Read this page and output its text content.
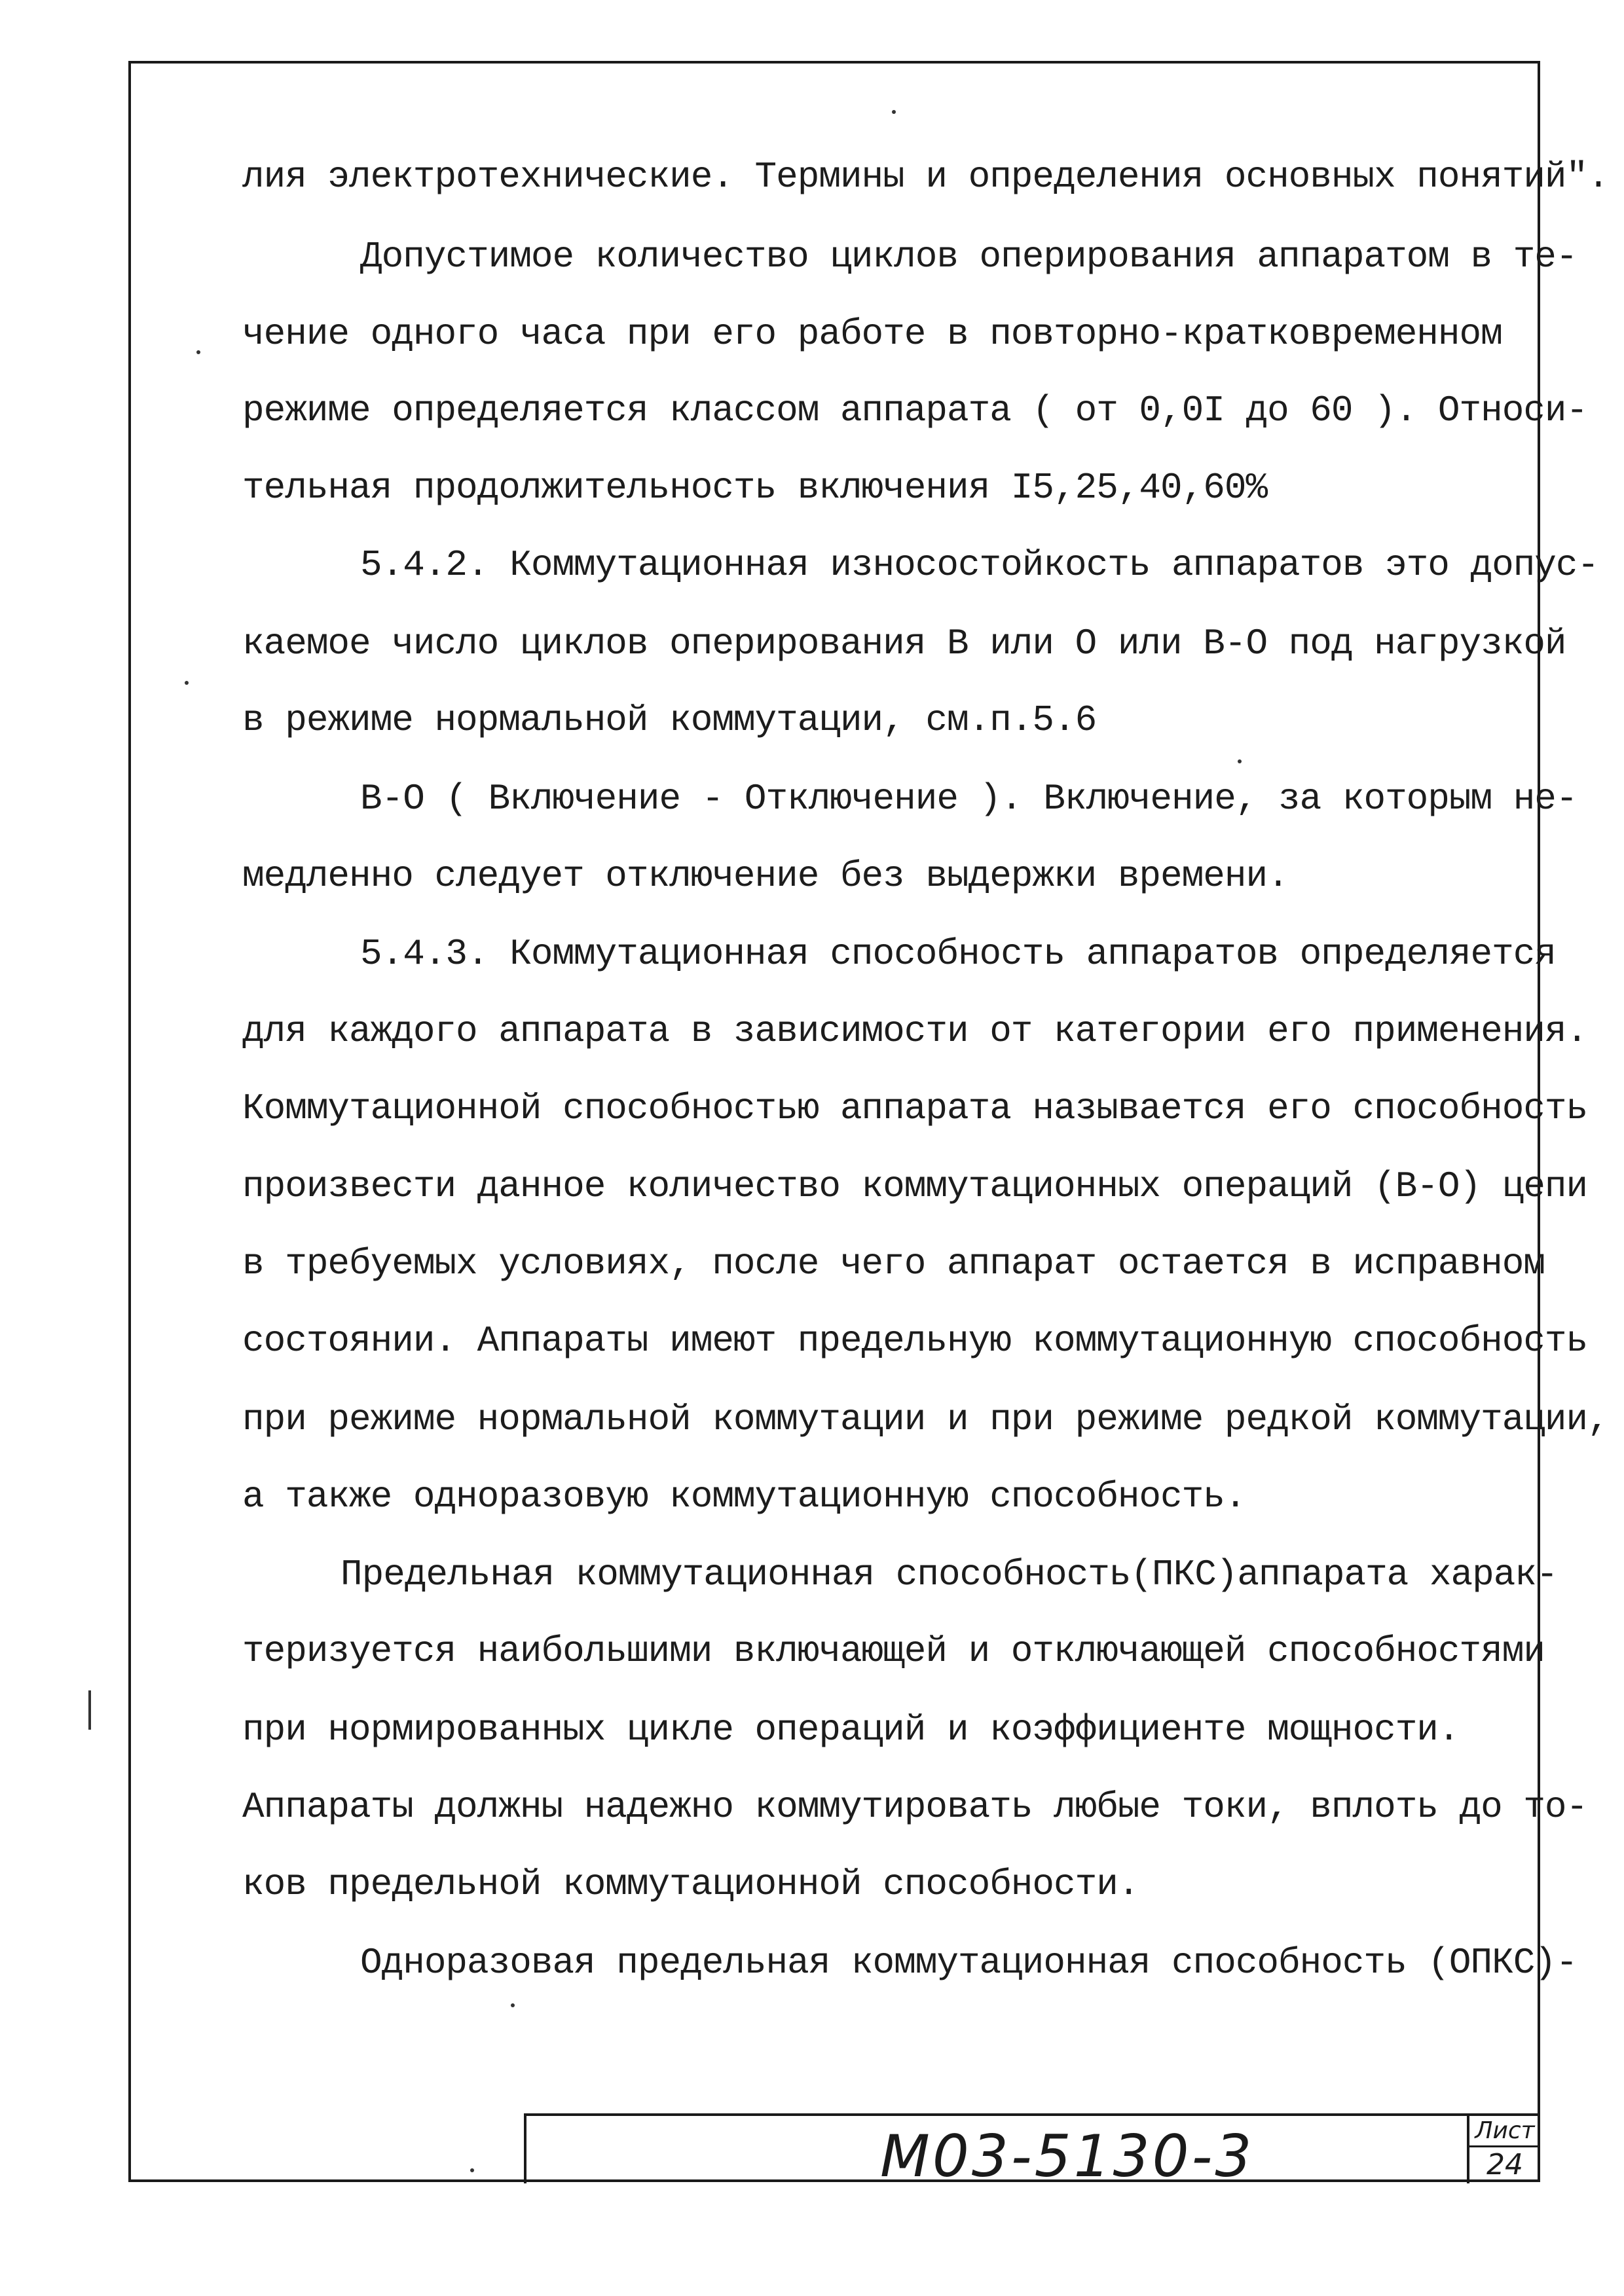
лия электротехнические. Термины и определения основных понятий".
Допустимое количество циклов оперирования аппаратом в те-
чение одного часа при его работе в повторно-кратковременном
режиме определяется классом аппарата ( от 0,0I до 60 ). Относи-
тельная продолжительность включения I5,25,40,60%
5.4.2. Коммутационная износостойкость аппаратов это допус-
каемое число циклов оперирования В или О или В-О под нагрузкой
в режиме нормальной коммутации, см.п.5.6
В-О ( Включение - Отключение ). Включение, за которым не-
медленно следует отключение без выдержки времени.
5.4.3. Коммутационная способность аппаратов определяется
для каждого аппарата в зависимости от категории его применения.
Коммутационной способностью аппарата называется его способность
произвести данное количество коммутационных операций (В-О) цепи
в требуемых условиях, после чего аппарат остается в исправном
состоянии. Аппараты имеют предельную коммутационную способность
при режиме нормальной коммутации и при режиме редкой коммутации,
а также одноразовую коммутационную способность.
Предельная коммутационная способность(ПКС)аппарата харак-
теризуется наибольшими включающей и отключающей способностями
при нормированных цикле операций и коэффициенте мощности.
Аппараты должны надежно коммутировать любые токи, вплоть до то-
ков предельной коммутационной способности.
Одноразовая предельная коммутационная способность (ОПКС)-
М03-5130-3	Лист
24
